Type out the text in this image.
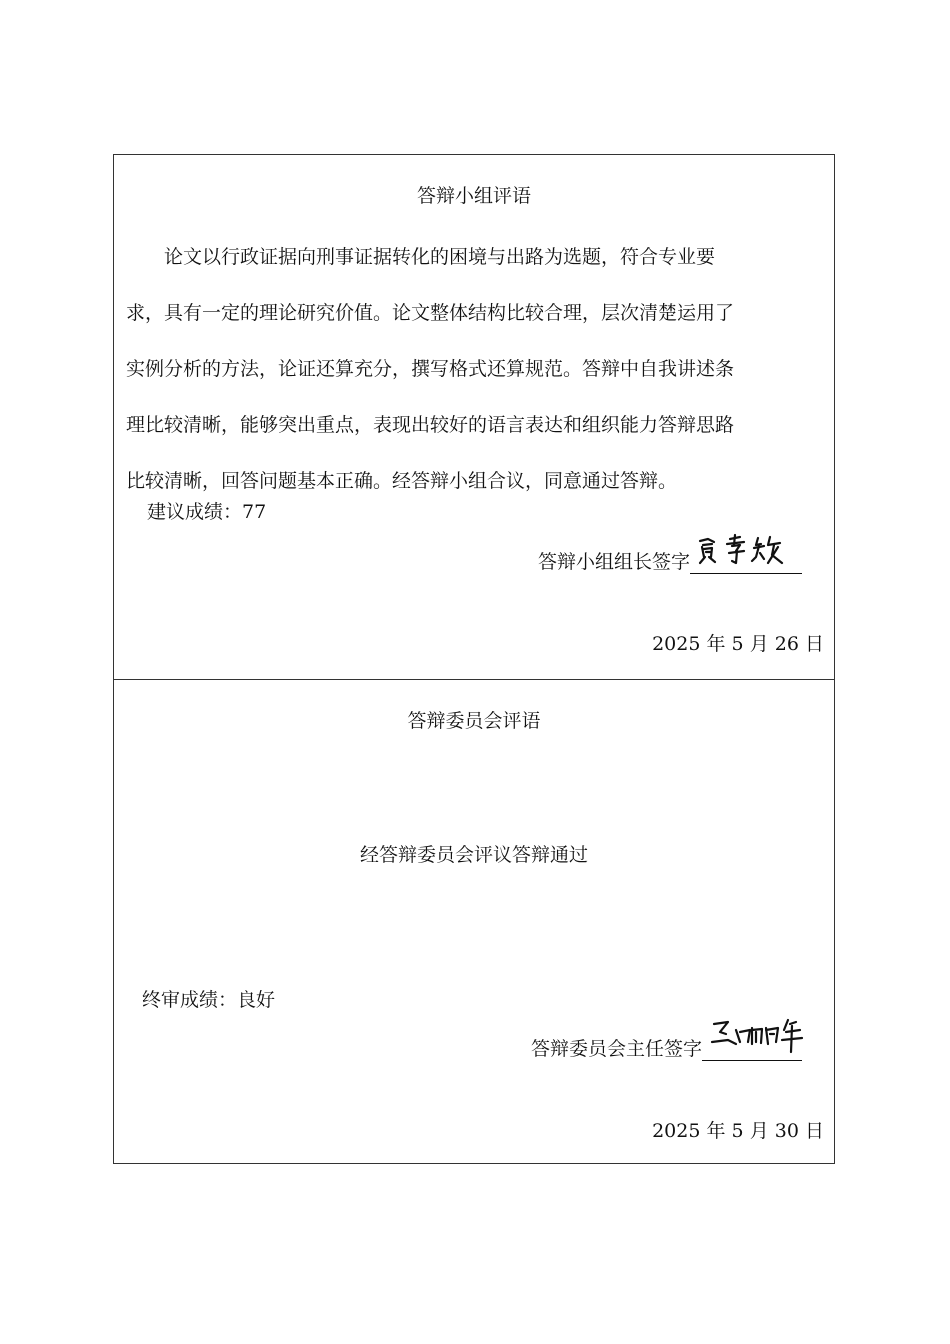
答辩小组评语

论文以行政证据向刑事证据转化的困境与出路为选题，符合专业要
求，具有一定的理论研究价值。论文整体结构比较合理，层次清楚运用了
实例分析的方法，论证还算充分，撰写格式还算规范。答辩中自我讲述条
理比较清晰，能够突出重点，表现出较好的语言表达和组织能力答辩思路
比较清晰，回答问题基本正确。经答辩小组合议，同意通过答辩。

建议成绩：77
答辩小组组长签字
2025 年 5 月 26 日
答辩委员会评语
经答辩委员会评议答辩通过
终审成绩：良好
答辩委员会主任签字
2025 年 5 月 30 日
